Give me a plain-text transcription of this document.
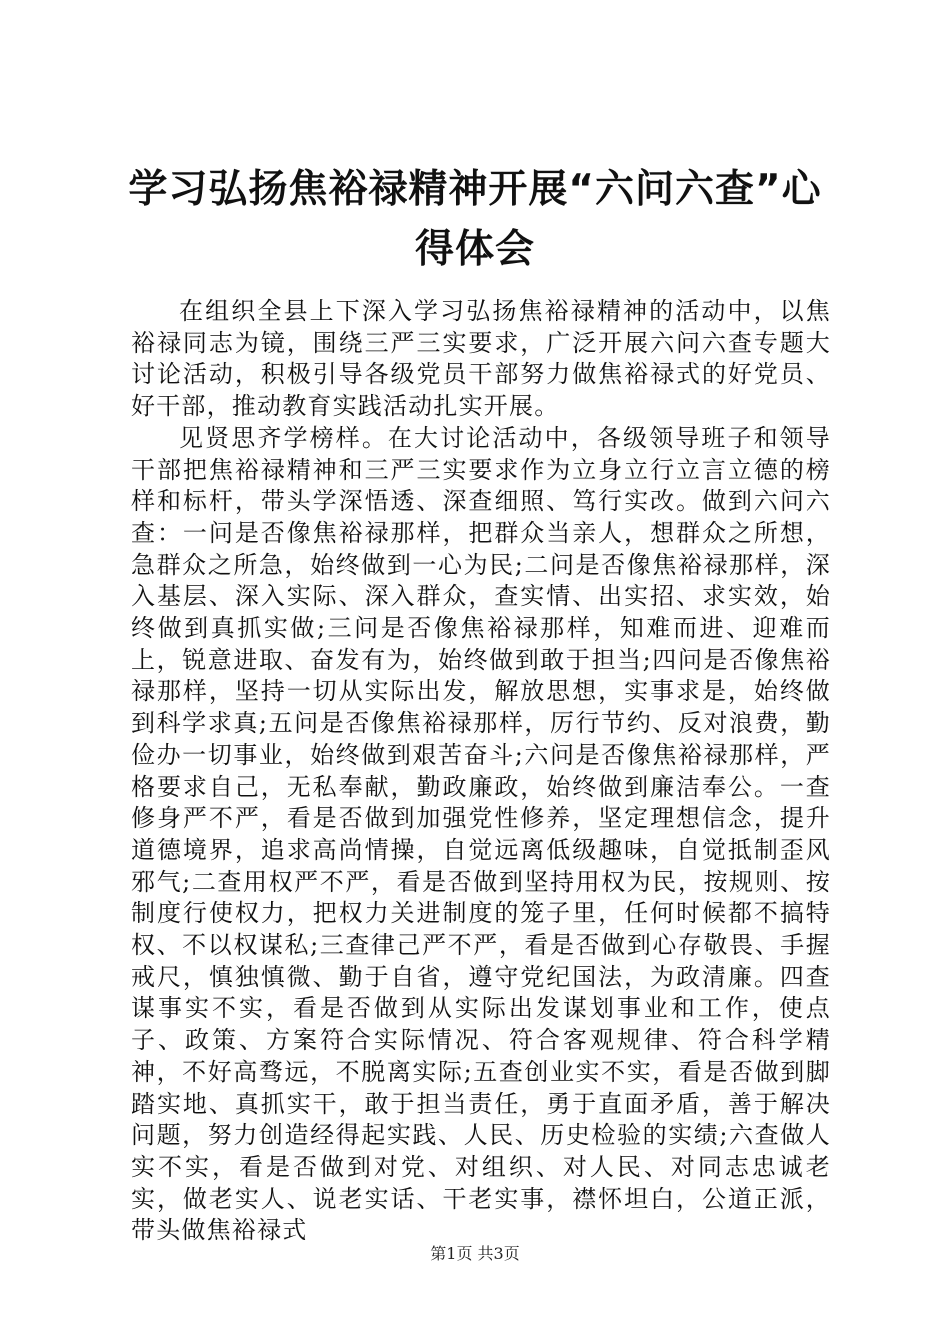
学习弘扬焦裕禄精神开展“六问六查”心得体会

在组织全县上下深入学习弘扬焦裕禄精神的活动中，以焦裕禄同志为镜，围绕三严三实要求，广泛开展六问六查专题大讨论活动，积极引导各级党员干部努力做焦裕禄式的好党员、好干部，推动教育实践活动扎实开展。

见贤思齐学榜样。在大讨论活动中，各级领导班子和领导干部把焦裕禄精神和三严三实要求作为立身立行立言立德的榜样和标杆，带头学深悟透、深查细照、笃行实改。做到六问六查：一问是否像焦裕禄那样，把群众当亲人，想群众之所想，急群众之所急，始终做到一心为民;二问是否像焦裕禄那样，深入基层、深入实际、深入群众，查实情、出实招、求实效，始终做到真抓实做;三问是否像焦裕禄那样，知难而进、迎难而上，锐意进取、奋发有为，始终做到敢于担当;四问是否像焦裕禄那样，坚持一切从实际出发，解放思想，实事求是，始终做到科学求真;五问是否像焦裕禄那样，厉行节约、反对浪费，勤俭办一切事业，始终做到艰苦奋斗;六问是否像焦裕禄那样，严格要求自己，无私奉献，勤政廉政，始终做到廉洁奉公。一查修身严不严，看是否做到加强党性修养，坚定理想信念，提升道德境界，追求高尚情操，自觉远离低级趣味，自觉抵制歪风邪气;二查用权严不严，看是否做到坚持用权为民，按规则、按制度行使权力，把权力关进制度的笼子里，任何时候都不搞特权、不以权谋私;三查律己严不严，看是否做到心存敬畏、手握戒尺，慎独慎微、勤于自省，遵守党纪国法，为政清廉。四查谋事实不实，看是否做到从实际出发谋划事业和工作，使点子、政策、方案符合实际情况、符合客观规律、符合科学精神，不好高骛远，不脱离实际;五查创业实不实，看是否做到脚踏实地、真抓实干，敢于担当责任，勇于直面矛盾，善于解决问题，努力创造经得起实践、人民、历史检验的实绩;六查做人实不实，看是否做到对党、对组织、对人民、对同志忠诚老实，做老实人、说老实话、干老实事，襟怀坦白，公道正派，带头做焦裕禄式

第1页 共3页
